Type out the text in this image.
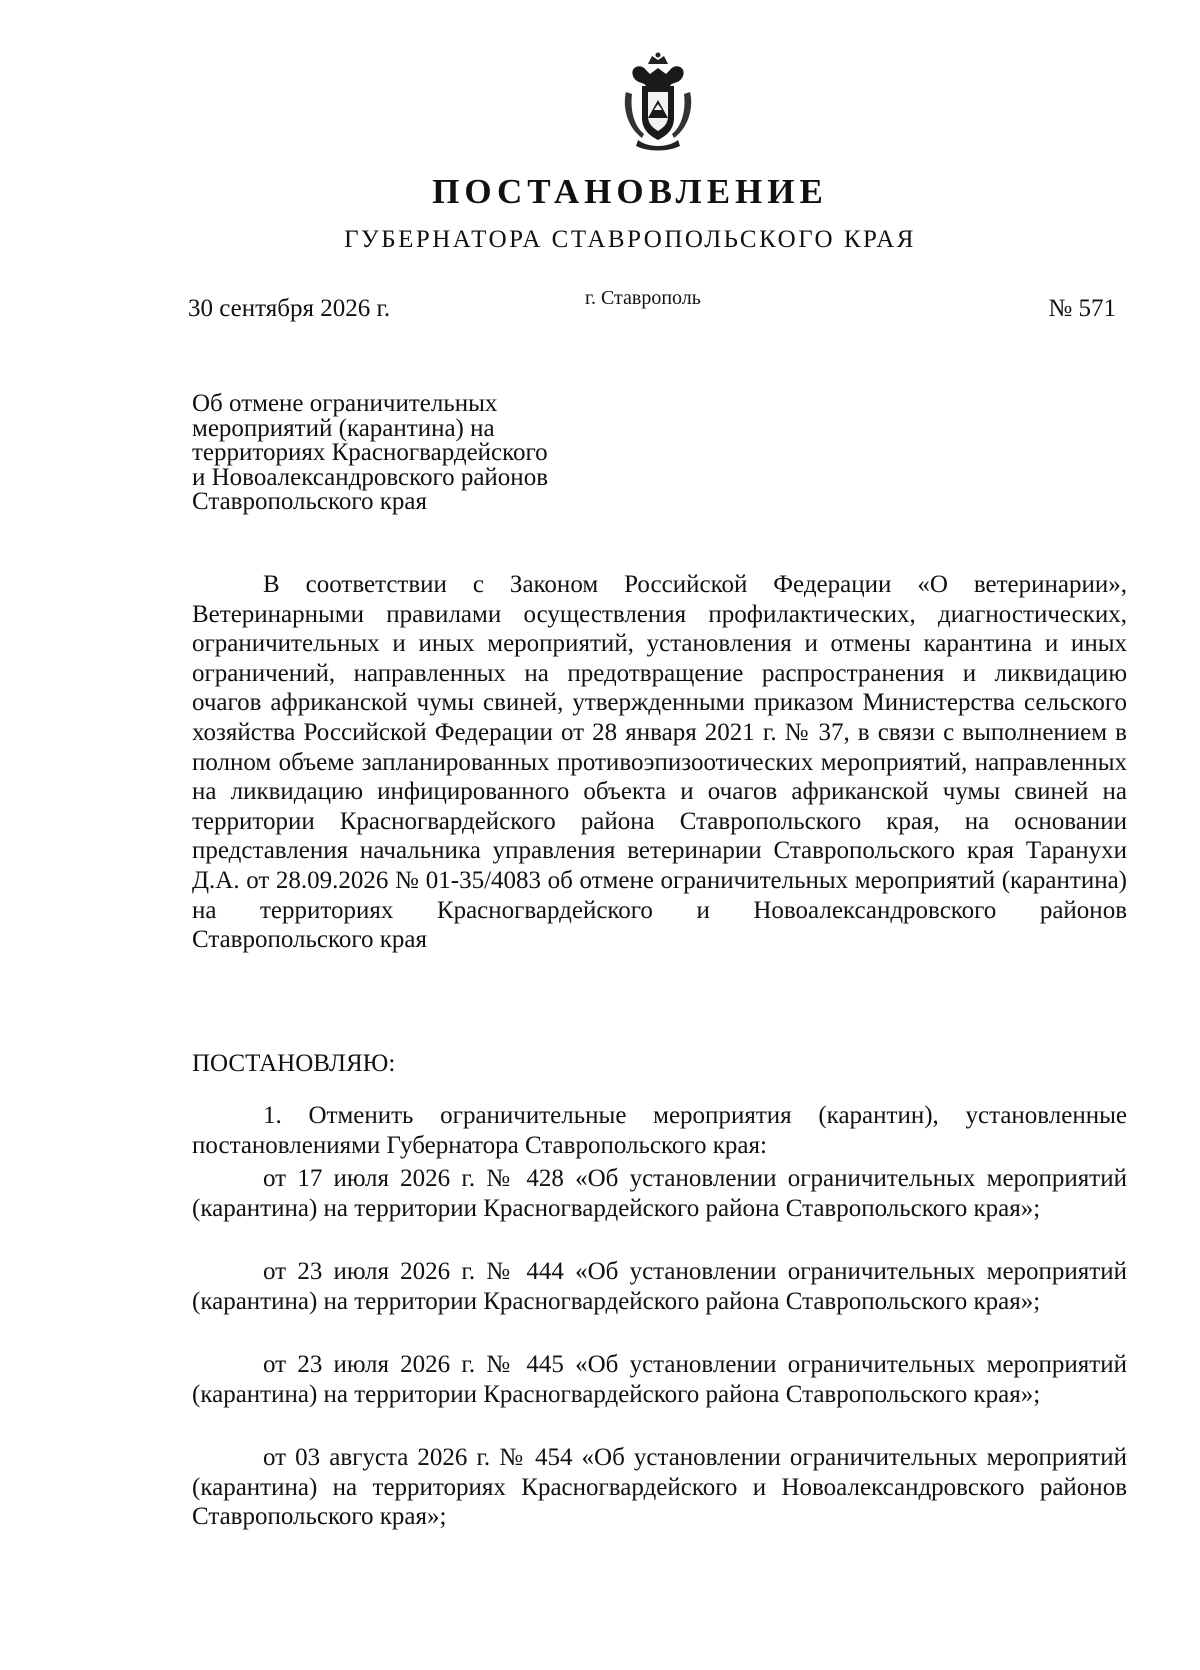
ПОСТАНОВЛЕНИЕ
ГУБЕРНАТОРА СТАВРОПОЛЬСКОГО КРАЯ
30 сентября 2026 г.	г. Ставрополь	№ 571
Об отмене ограничительных
мероприятий (карантина) на
территориях Красногвардейского
и Новоалександровского районов
Ставропольского края
В соответствии с Законом Российской Федерации «О ветеринарии», Ветеринарными правилами осуществления профилактических, диагностических, ограничительных и иных мероприятий, установления и отмены карантина и иных ограничений, направленных на предотвращение распространения и ликвидацию очагов африканской чумы свиней, утвержденными приказом Министерства сельского хозяйства Российской Федерации от 28 января 2021 г. № 37, в связи с выполнением в полном объеме запланированных противоэпизоотических мероприятий, направленных на ликвидацию инфицированного объекта и очагов африканской чумы свиней на территории Красногвардейского района Ставропольского края, на основании представления начальника управления ветеринарии Ставропольского края Таранухи Д.А. от 28.09.2026 № 01-35/4083 об отмене ограничительных мероприятий (карантина) на территориях Красногвардейского и Новоалександровского районов Ставропольского края
ПОСТАНОВЛЯЮ:
1. Отменить ограничительные мероприятия (карантин), установленные постановлениями Губернатора Ставропольского края:
от 17 июля 2026 г. № 428 «Об установлении ограничительных мероприятий (карантина) на территории Красногвардейского района Ставропольского края»;
от 23 июля 2026 г. № 444 «Об установлении ограничительных мероприятий (карантина) на территории Красногвардейского района Ставропольского края»;
от 23 июля 2026 г. № 445 «Об установлении ограничительных мероприятий (карантина) на территории Красногвардейского района Ставропольского края»;
от 03 августа 2026 г. № 454 «Об установлении ограничительных мероприятий (карантина) на территориях Красногвардейского и Новоалександровского районов Ставропольского края»;
